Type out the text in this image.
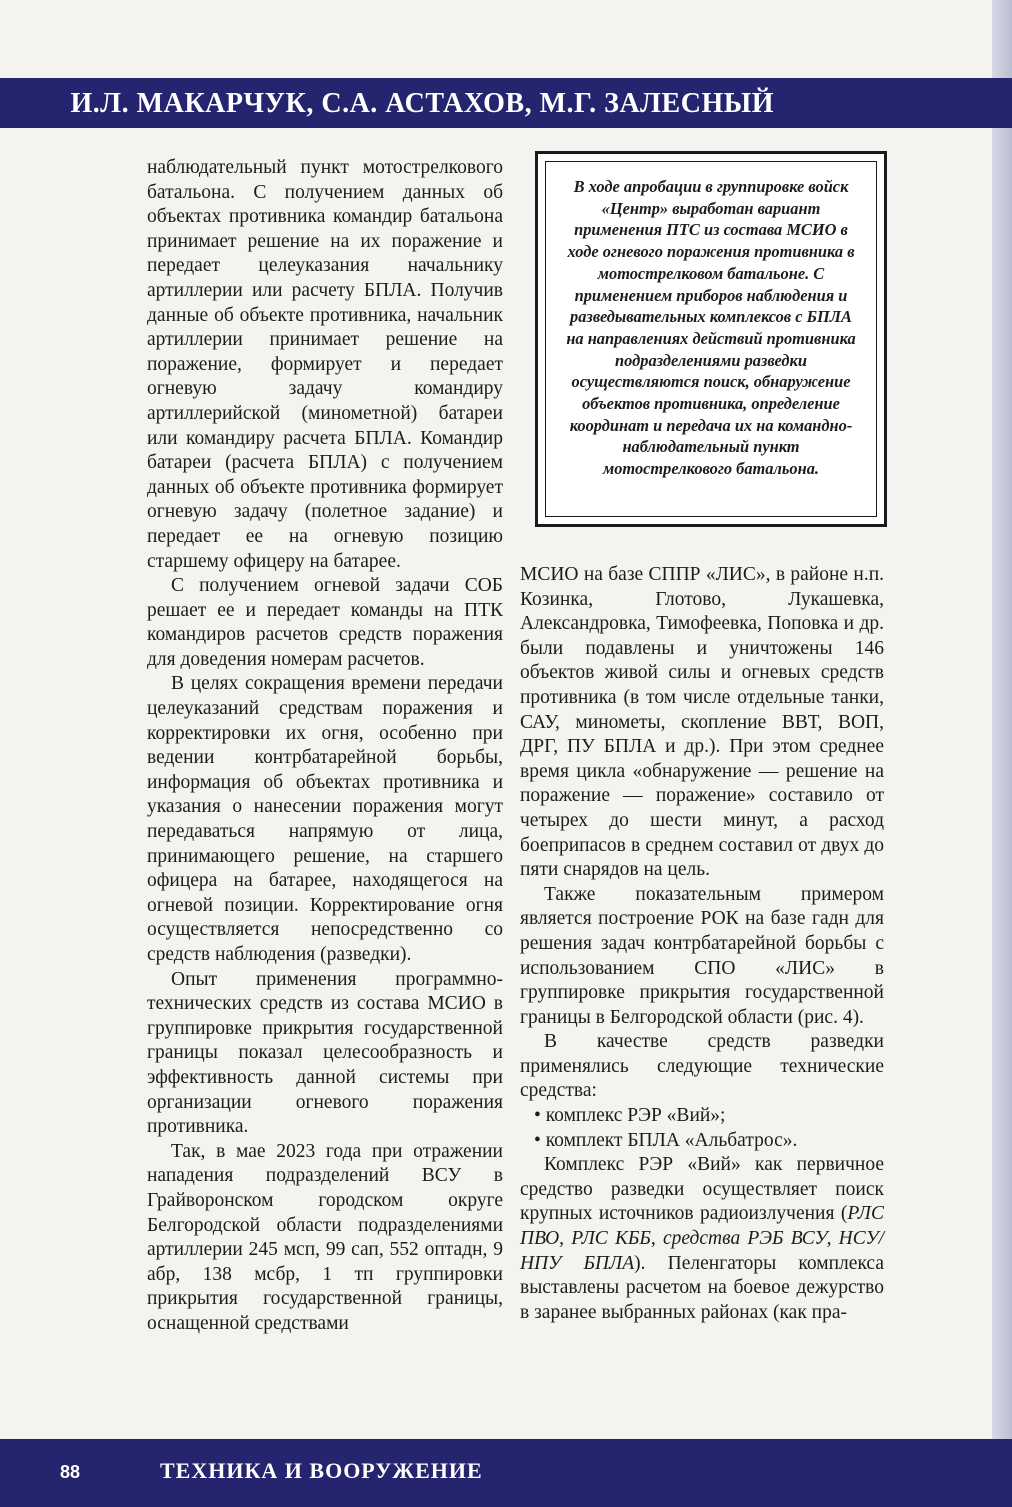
И.Л. МАКАРЧУК, С.А. АСТАХОВ, М.Г. ЗАЛЕСНЫЙ

наблюдательный пункт мотострелкового батальона. С получением данных об объектах противника командир батальона принимает решение на их поражение и передает целеуказания начальнику артиллерии или расчету БПЛА. Получив данные об объекте противника, начальник артиллерии принимает решение на поражение, формирует и передает огневую задачу командиру артиллерийской (минометной) батареи или командиру расчета БПЛА. Командир батареи (расчета БПЛА) с получением данных об объекте противника формирует огневую задачу (полетное задание) и передает ее на огневую позицию старшему офицеру на батарее.

С получением огневой задачи СОБ решает ее и передает команды на ПТК командиров расчетов средств поражения для доведения номерам расчетов.

В целях сокращения времени передачи целеуказаний средствам поражения и корректировки их огня, особенно при ведении контрбатарейной борьбы, информация об объектах противника и указания о нанесении поражения могут передаваться напрямую от лица, принимающего решение, на старшего офицера на батарее, находящегося на огневой позиции. Корректирование огня осуществляется непосредственно со средств наблюдения (разведки).

Опыт применения программно-технических средств из состава МСИО в группировке прикрытия государственной границы показал целесообразность и эффективность данной системы при организации огневого поражения противника.

Так, в мае 2023 года при отражении нападения подразделений ВСУ в Грайворонском городском округе Белгородской области подразделениями артиллерии 245 мсп, 99 сап, 552 оптадн, 9 абр, 138 мсбр, 1 тп группировки прикрытия государственной границы, оснащенной средствами

В ходе апробации в группировке войск «Центр» выработан вариант применения ПТС из состава МСИО в ходе огневого поражения противника в мотострелковом батальоне. С применением приборов наблюдения и разведывательных комплексов с БПЛА на направлениях действий противника подразделениями разведки осуществляются поиск, обнаружение объектов противника, определение координат и передача их на командно-наблюдательный пункт мотострелкового батальона.

МСИО на базе СППР «ЛИС», в районе н.п. Козинка, Глотово, Лукашевка, Александровка, Тимофеевка, Поповка и др. были подавлены и уничтожены 146 объектов живой силы и огневых средств противника (в том числе отдельные танки, САУ, минометы, скопление ВВТ, ВОП, ДРГ, ПУ БПЛА и др.). При этом среднее время цикла «обнаружение — решение на поражение — поражение» составило от четырех до шести минут, а расход боеприпасов в среднем составил от двух до пяти снарядов на цель.

Также показательным примером является построение РОК на базе гадн для решения задач контрбатарейной борьбы с использованием СПО «ЛИС» в группировке прикрытия государственной границы в Белгородской области (рис. 4).

В качестве средств разведки применялись следующие технические средства:

• комплекс РЭР «Вий»;

• комплект БПЛА «Альбатрос».

Комплекс РЭР «Вий» как первичное средство разведки осуществляет поиск крупных источников радиоизлучения (РЛС ПВО, РЛС КББ, средства РЭБ ВСУ, НСУ/НПУ БПЛА). Пеленгаторы комплекса выставлены расчетом на боевое дежурство в заранее выбранных районах (как пра-

88	ТЕХНИКА И ВООРУЖЕНИЕ
